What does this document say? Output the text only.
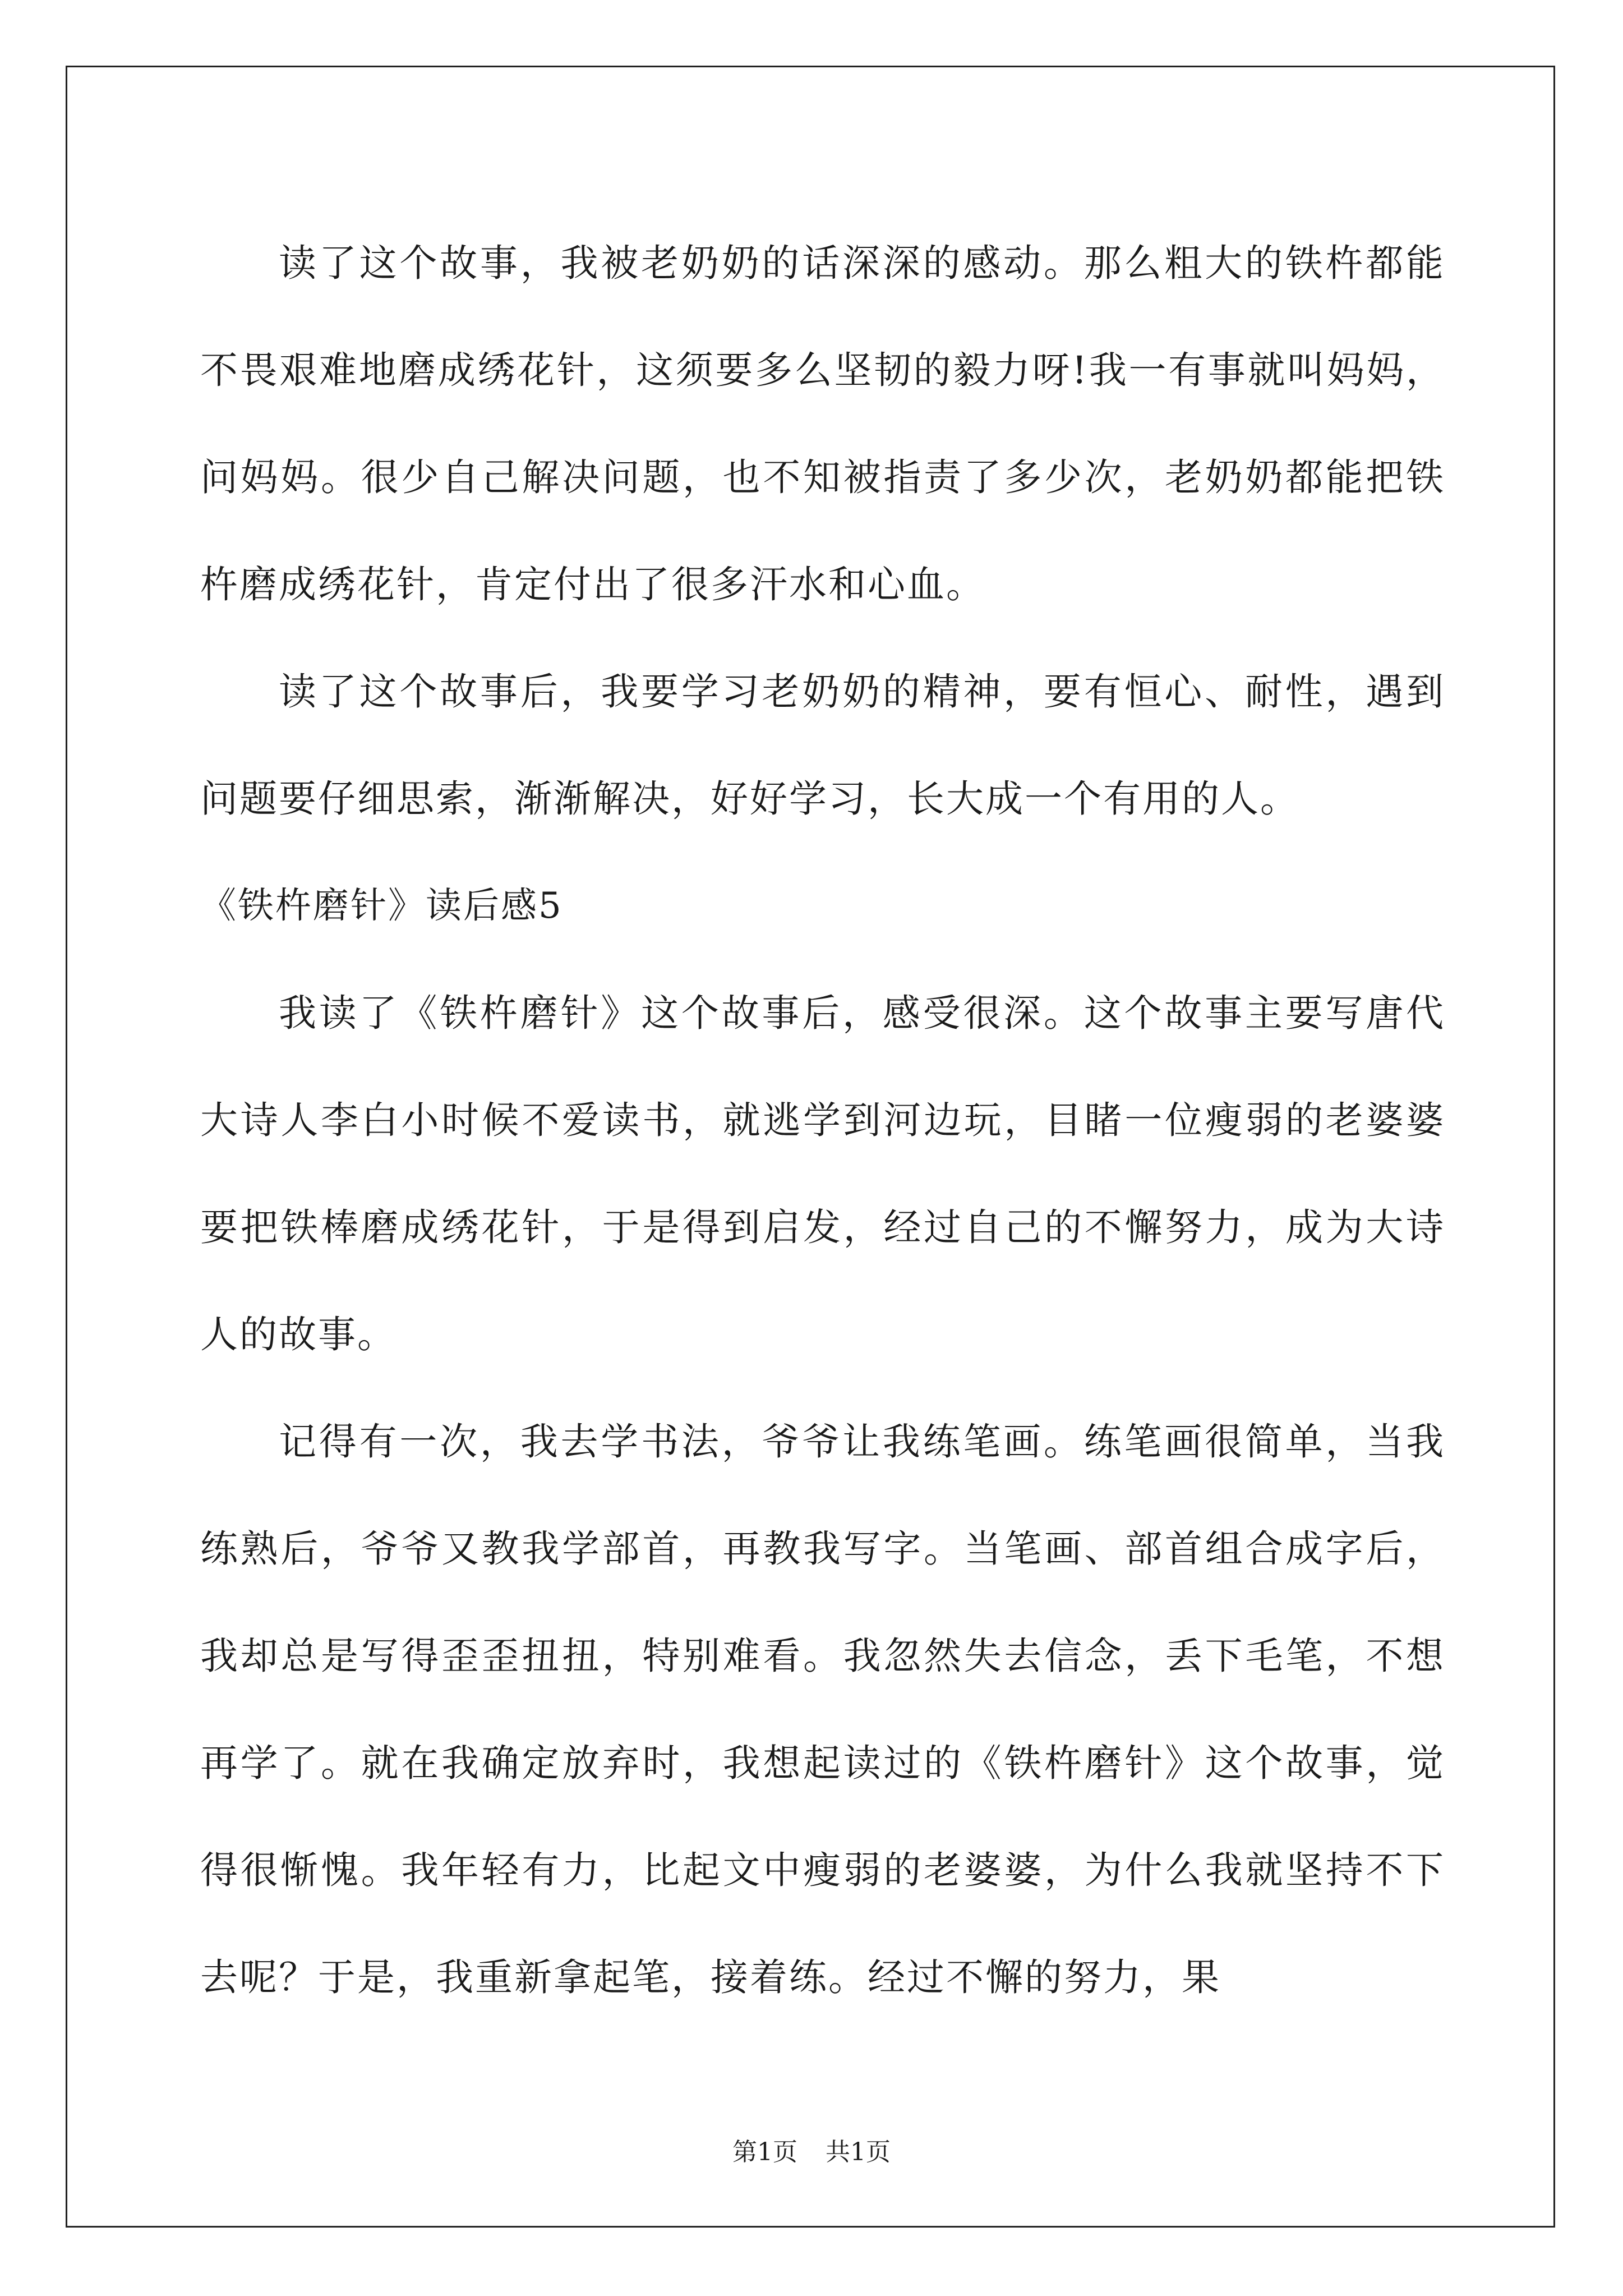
读了这个故事，我被老奶奶的话深深的感动。那么粗大的铁杵都能不畏艰难地磨成绣花针，这须要多么坚韧的毅力呀!我一有事就叫妈妈，问妈妈。很少自己解决问题，也不知被指责了多少次，老奶奶都能把铁杵磨成绣花针，肯定付出了很多汗水和心血。

读了这个故事后，我要学习老奶奶的精神，要有恒心、耐性，遇到问题要仔细思索，渐渐解决，好好学习，长大成一个有用的人。

《铁杵磨针》读后感5

我读了《铁杵磨针》这个故事后，感受很深。这个故事主要写唐代大诗人李白小时候不爱读书，就逃学到河边玩，目睹一位瘦弱的老婆婆要把铁棒磨成绣花针，于是得到启发，经过自己的不懈努力，成为大诗人的故事。

记得有一次，我去学书法，爷爷让我练笔画。练笔画很简单，当我练熟后，爷爷又教我学部首，再教我写字。当笔画、部首组合成字后，我却总是写得歪歪扭扭，特别难看。我忽然失去信念，丢下毛笔，不想再学了。就在我确定放弃时，我想起读过的《铁杵磨针》这个故事，觉得很惭愧。我年轻有力，比起文中瘦弱的老婆婆，为什么我就坚持不下去呢？于是，我重新拿起笔，接着练。经过不懈的努力，果

第1页 共1页
